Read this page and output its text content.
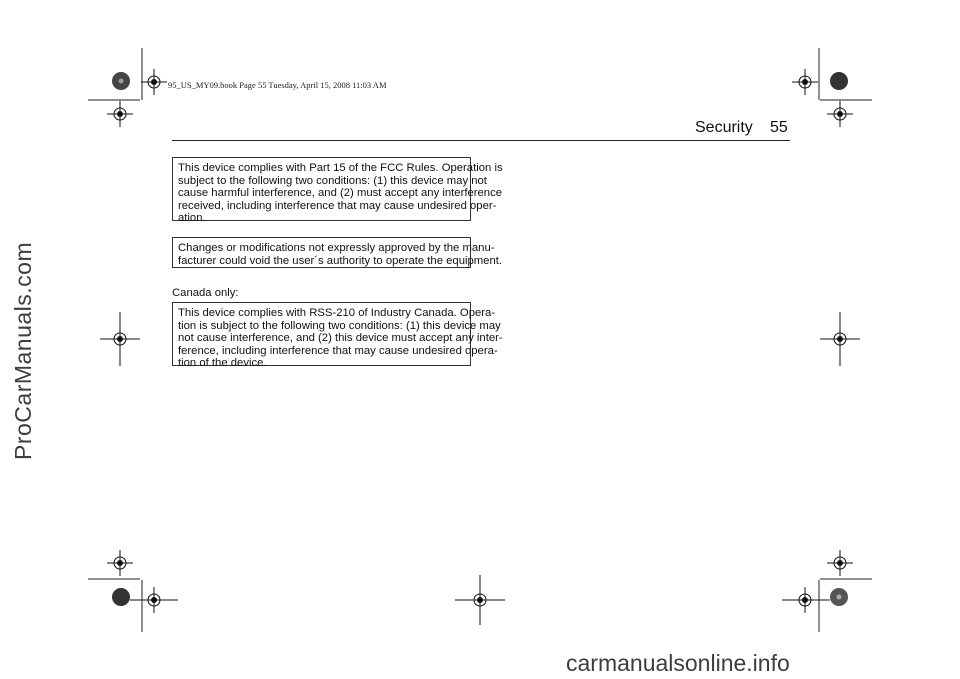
95_US_MY09.book Page 55 Tuesday, April 15, 2008 11:03 AM
Security 55
This device complies with Part 15 of the FCC Rules. Operation is
subject to the following two conditions: (1) this device may not
cause harmful interference, and (2) must accept any interference
received, including interference that may cause undesired oper-
ation.
Changes or modifications not expressly approved by the manu-
facturer could void the user´s authority to operate the equipment.
Canada only:
This device complies with RSS-210 of Industry Canada. Opera-
tion is subject to the following two conditions: (1) this device may
not cause interference, and (2) this device must accept any inter-
ference, including interference that may cause undesired opera-
tion of the device.
ProCarManuals.com
carmanualsonline.info
